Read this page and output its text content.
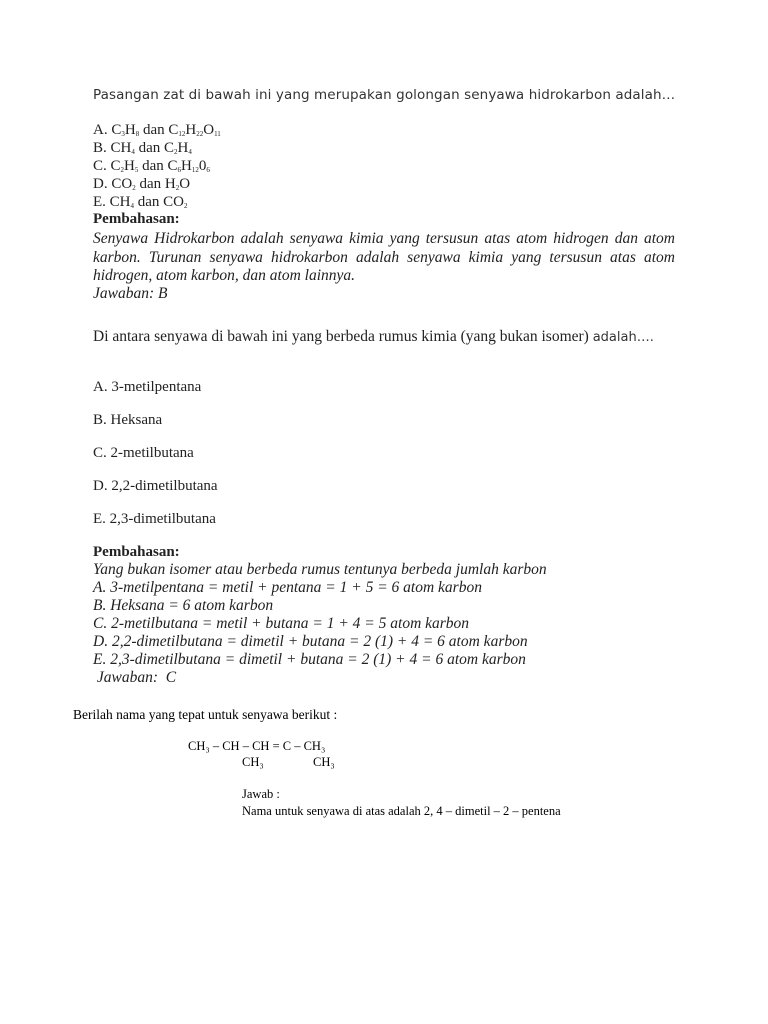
Pasangan zat di bawah ini yang merupakan golongan senyawa hidrokarbon adalah…
A. $C_3H_8$ dan $C_{12}H_{22}O_{11}$
B. $CH_4$ dan $C_2H_4$
C. $C_2H_5$ dan $C_6H_{12}0_6$
D. $CO_2$ dan $H_2O$
E. $CH_4$ dan $CO_2$
Pembahasan:
Senyawa Hidrokarbon adalah senyawa kimia yang tersusun atas atom hidrogen dan atom karbon. Turunan senyawa hidrokarbon adalah senyawa kimia yang tersusun atas atom hidrogen, atom karbon, dan atom lainnya.
Jawaban: B
Di antara senyawa di bawah ini yang berbeda rumus kimia (yang bukan isomer) adalah….
A. 3-metilpentana
B. Heksana
C. 2-metilbutana
D. 2,2-dimetilbutana
E. 2,3-dimetilbutana
Pembahasan:
Yang bukan isomer atau berbeda rumus tentunya berbeda jumlah karbon
A. 3-metilpentana = metil + pentana = 1 + 5 = 6 atom karbon
B. Heksana = 6 atom karbon
C. 2-metilbutana = metil + butana = 1 + 4 = 5 atom karbon
D. 2,2-dimetilbutana = dimetil + butana = 2 (1) + 4 = 6 atom karbon
E. 2,3-dimetilbutana = dimetil + butana = 2 (1) + 4 = 6 atom karbon
Jawaban:  C
Berilah nama yang tepat untuk senyawa berikut :
CH₃ – CH – CH = C – CH₃
CH₃	CH₃
Jawab :
Nama untuk senyawa di atas adalah 2, 4 – dimetil – 2 – pentena
